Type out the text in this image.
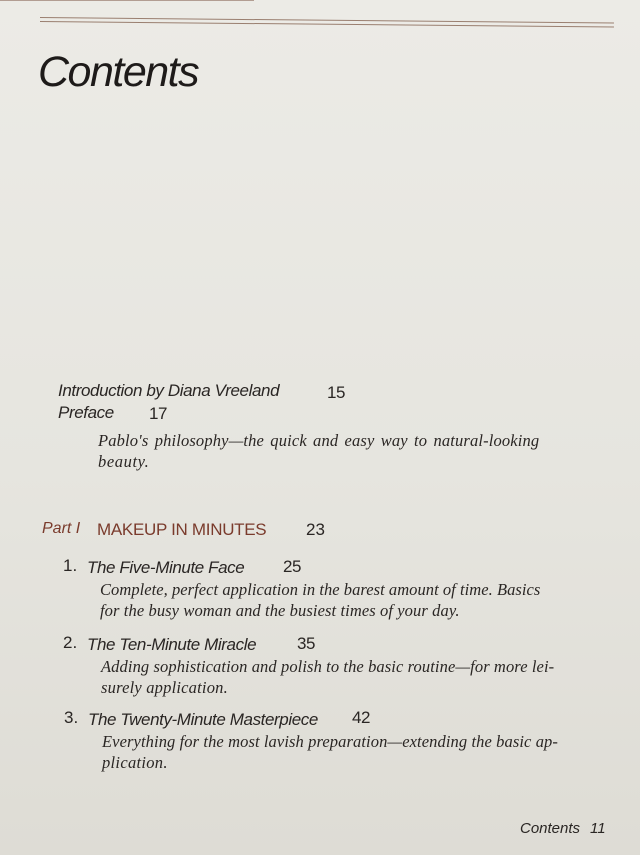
Contents
Introduction by Diana Vreeland	15
Preface 17
Pablo's philosophy—the quick and easy way to natural-looking
beauty.
Part I MAKEUP IN MINUTES 23
1. The Five-Minute Face 25
Complete, perfect application in the barest amount of time. Basics
for the busy woman and the busiest times of your day.
2. The Ten-Minute Miracle 35
Adding sophistication and polish to the basic routine—for more lei-
surely application.
3. The Twenty-Minute Masterpiece 42
Everything for the most lavish preparation—extending the basic ap-
plication.
Contents 11
